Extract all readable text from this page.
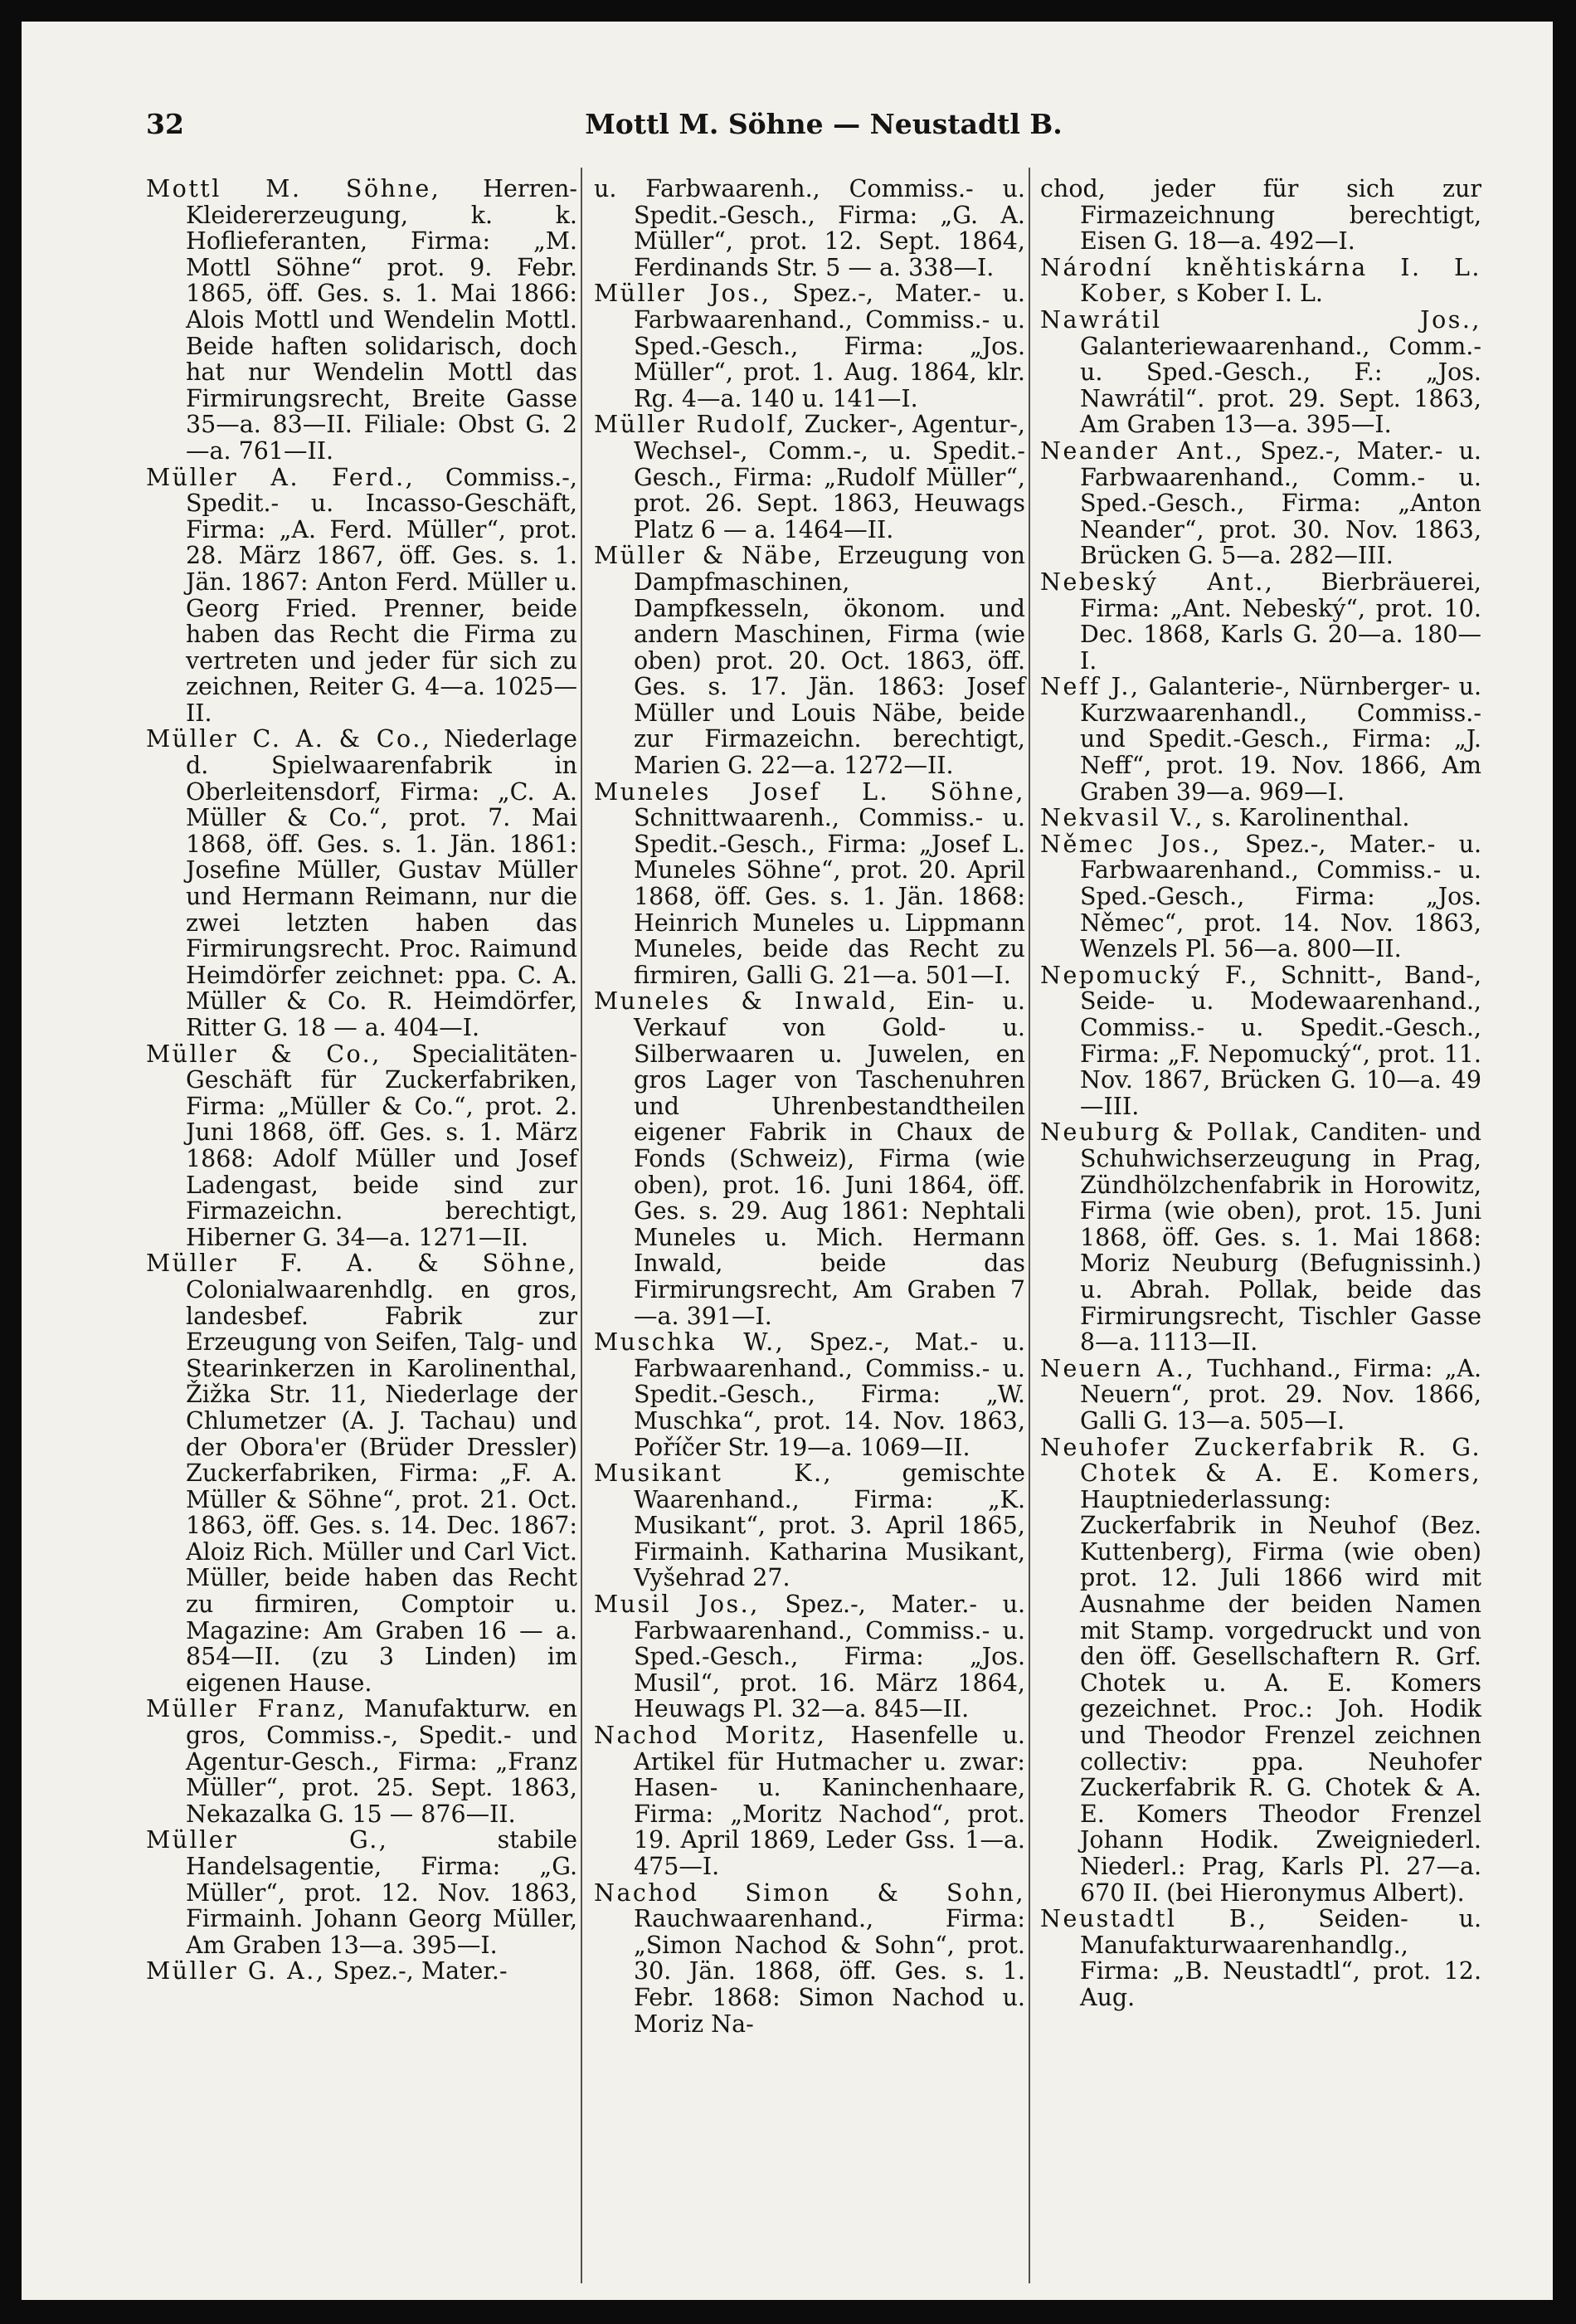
32	Mottl M. Söhne — Neustadtl B.

Mottl M. Söhne, Herren-Kleidererzeugung, k. k. Hoflieferanten, Firma: „M. Mottl Söhne“ prot. 9. Febr. 1865, öff. Ges. s. 1. Mai 1866: Alois Mottl und Wendelin Mottl. Beide haften solidarisch, doch hat nur Wendelin Mottl das Firmirungsrecht, Breite Gasse 35—a. 83—II. Filiale: Obst G. 2—a. 761—II.

Müller A. Ferd., Commiss.-, Spedit.- u. Incasso-Geschäft, Firma: „A. Ferd. Müller“, prot. 28. März 1867, öff. Ges. s. 1. Jän. 1867: Anton Ferd. Müller u. Georg Fried. Prenner, beide haben das Recht die Firma zu vertreten und jeder für sich zu zeichnen, Reiter G. 4—a. 1025—II.

Müller C. A. & Co., Niederlage d. Spielwaarenfabrik in Oberleitensdorf, Firma: „C. A. Müller & Co.“, prot. 7. Mai 1868, öff. Ges. s. 1. Jän. 1861: Josefine Müller, Gustav Müller und Hermann Reimann, nur die zwei letzten haben das Firmirungsrecht. Proc. Raimund Heimdörfer zeichnet: ppa. C. A. Müller & Co. R. Heimdörfer, Ritter G. 18 — a. 404—I.

Müller & Co., Specialitäten-Geschäft für Zuckerfabriken, Firma: „Müller & Co.“, prot. 2. Juni 1868, öff. Ges. s. 1. März 1868: Adolf Müller und Josef Ladengast, beide sind zur Firmazeichn. berechtigt, Hiberner G. 34—a. 1271—II.

Müller F. A. & Söhne, Colonialwaarenhdlg. en gros, landesbef. Fabrik zur Erzeugung von Seifen, Talg- und Stearinkerzen in Karolinenthal, Žižka Str. 11, Niederlage der Chlumetzer (A. J. Tachau) und der Obora'er (Brüder Dressler) Zuckerfabriken, Firma: „F. A. Müller & Söhne“, prot. 21. Oct. 1863, öff. Ges. s. 14. Dec. 1867: Aloiz Rich. Müller und Carl Vict. Müller, beide haben das Recht zu firmiren, Comptoir u. Magazine: Am Graben 16 — a. 854—II. (zu 3 Linden) im eigenen Hause.

Müller Franz, Manufakturw. en gros, Commiss.-, Spedit.- und Agentur-Gesch., Firma: „Franz Müller“, prot. 25. Sept. 1863, Nekazalka G. 15 — 876—II.

Müller G., stabile Handelsagentie, Firma: „G. Müller“, prot. 12. Nov. 1863, Firmainh. Johann Georg Müller, Am Graben 13—a. 395—I.

Müller G. A., Spez.-, Mater.-

u. Farbwaarenh., Commiss.- u. Spedit.-Gesch., Firma: „G. A. Müller“, prot. 12. Sept. 1864, Ferdinands Str. 5 — a. 338—I.

Müller Jos., Spez.-, Mater.- u. Farbwaarenhand., Commiss.- u. Sped.-Gesch., Firma: „Jos. Müller“, prot. 1. Aug. 1864, klr. Rg. 4—a. 140 u. 141—I.

Müller Rudolf, Zucker-, Agentur-, Wechsel-, Comm.-, u. Spedit.-Gesch., Firma: „Rudolf Müller“, prot. 26. Sept. 1863, Heuwags Platz 6 — a. 1464—II.

Müller & Näbe, Erzeugung von Dampfmaschinen, Dampfkesseln, ökonom. und andern Maschinen, Firma (wie oben) prot. 20. Oct. 1863, öff. Ges. s. 17. Jän. 1863: Josef Müller und Louis Näbe, beide zur Firmazeichn. berechtigt, Marien G. 22—a. 1272—II.

Muneles Josef L. Söhne, Schnittwaarenh., Commiss.- u. Spedit.-Gesch., Firma: „Josef L. Muneles Söhne“, prot. 20. April 1868, öff. Ges. s. 1. Jän. 1868: Heinrich Muneles u. Lippmann Muneles, beide das Recht zu firmiren, Galli G. 21—a. 501—I.

Muneles & Inwald, Ein- u. Verkauf von Gold- u. Silberwaaren u. Juwelen, en gros Lager von Taschenuhren und Uhrenbestandtheilen eigener Fabrik in Chaux de Fonds (Schweiz), Firma (wie oben), prot. 16. Juni 1864, öff. Ges. s. 29. Aug 1861: Nephtali Muneles u. Mich. Hermann Inwald, beide das Firmirungsrecht, Am Graben 7—a. 391—I.

Muschka W., Spez.-, Mat.- u. Farbwaarenhand., Commiss.- u. Spedit.-Gesch., Firma: „W. Muschka“, prot. 14. Nov. 1863, Poříčer Str. 19—a. 1069—II.

Musikant K., gemischte Waarenhand., Firma: „K. Musikant“, prot. 3. April 1865, Firmainh. Katharina Musikant, Vyšehrad 27.

Musil Jos., Spez.-, Mater.- u. Farbwaarenhand., Commiss.- u. Sped.-Gesch., Firma: „Jos. Musil“, prot. 16. März 1864, Heuwags Pl. 32—a. 845—II.

Nachod Moritz, Hasenfelle u. Artikel für Hutmacher u. zwar: Hasen- u. Kaninchenhaare, Firma: „Moritz Nachod“, prot. 19. April 1869, Leder Gss. 1—a. 475—I.

Nachod Simon & Sohn, Rauchwaarenhand., Firma: „Simon Nachod & Sohn“, prot. 30. Jän. 1868, öff. Ges. s. 1. Febr. 1868: Simon Nachod u. Moriz Na-

chod, jeder für sich zur Firmazeichnung berechtigt, Eisen G. 18—a. 492—I.

Národní kněhtiskárna I. L. Kober, s Kober I. L.

Nawrátil Jos., Galanteriewaarenhand., Comm.- u. Sped.-Gesch., F.: „Jos. Nawrátil“. prot. 29. Sept. 1863, Am Graben 13—a. 395—I.

Neander Ant., Spez.-, Mater.- u. Farbwaarenhand., Comm.- u. Sped.-Gesch., Firma: „Anton Neander“, prot. 30. Nov. 1863, Brücken G. 5—a. 282—III.

Nebeský Ant., Bierbräuerei, Firma: „Ant. Nebeský“, prot. 10. Dec. 1868, Karls G. 20—a. 180—I.

Neff J., Galanterie-, Nürnberger- u. Kurzwaarenhandl., Commiss.- und Spedit.-Gesch., Firma: „J. Neff“, prot. 19. Nov. 1866, Am Graben 39—a. 969—I.

Nekvasil V., s. Karolinenthal.

Němec Jos., Spez.-, Mater.- u. Farbwaarenhand., Commiss.- u. Sped.-Gesch., Firma: „Jos. Němec“, prot. 14. Nov. 1863, Wenzels Pl. 56—a. 800—II.

Nepomucký F., Schnitt-, Band-, Seide- u. Modewaarenhand., Commiss.- u. Spedit.-Gesch., Firma: „F. Nepomucký“, prot. 11. Nov. 1867, Brücken G. 10—a. 49—III.

Neuburg & Pollak, Canditen- und Schuhwichserzeugung in Prag, Zündhölzchenfabrik in Horowitz, Firma (wie oben), prot. 15. Juni 1868, öff. Ges. s. 1. Mai 1868: Moriz Neuburg (Befugnissinh.) u. Abrah. Pollak, beide das Firmirungsrecht, Tischler Gasse 8—a. 1113—II.

Neuern A., Tuchhand., Firma: „A. Neuern“, prot. 29. Nov. 1866, Galli G. 13—a. 505—I.

Neuhofer Zuckerfabrik R. G. Chotek & A. E. Komers, Hauptniederlassung: Zuckerfabrik in Neuhof (Bez. Kuttenberg), Firma (wie oben) prot. 12. Juli 1866 wird mit Ausnahme der beiden Namen mit Stamp. vorgedruckt und von den öff. Gesellschaftern R. Grf. Chotek u. A. E. Komers gezeichnet. Proc.: Joh. Hodik und Theodor Frenzel zeichnen collectiv: ppa. Neuhofer Zuckerfabrik R. G. Chotek & A. E. Komers Theodor Frenzel Johann Hodik. Zweigniederl. Niederl.: Prag, Karls Pl. 27—a. 670 II. (bei Hieronymus Albert).

Neustadtl B., Seiden- u. Manufakturwaarenhandlg., Firma: „B. Neustadtl“, prot. 12. Aug.
